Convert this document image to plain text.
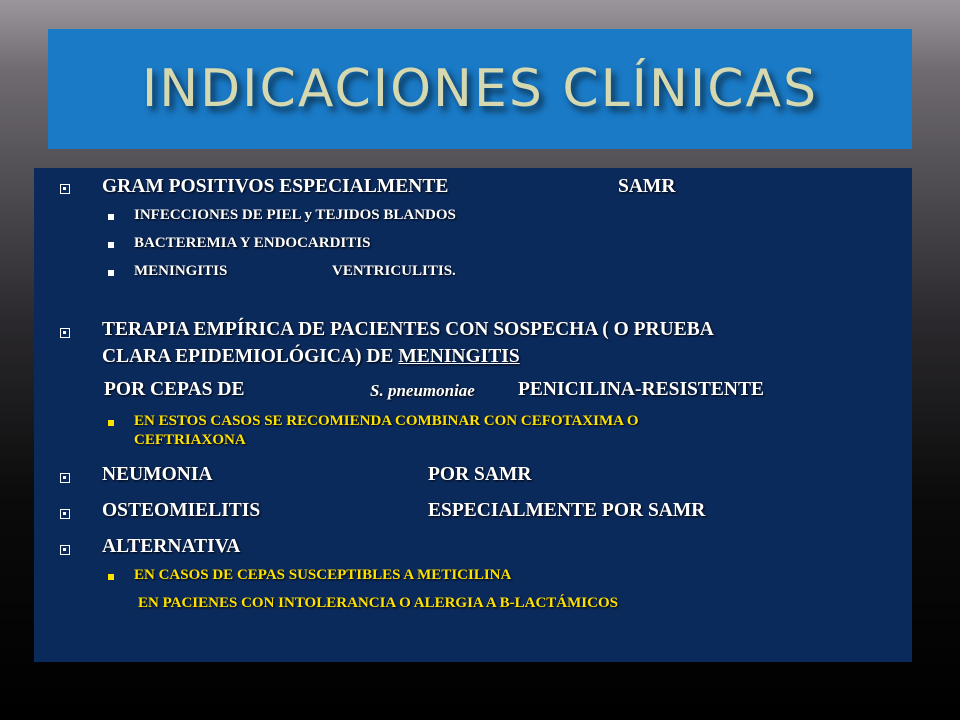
INDICACIONES CLÍNICAS
GRAM POSITIVOS ESPECIALMENTE	SAMR
INFECCIONES DE PIEL y TEJIDOS BLANDOS
BACTEREMIA Y ENDOCARDITIS
MENINGITIS	VENTRICULITIS.
TERAPIA EMPÍRICA DE PACIENTES CON SOSPECHA ( O PRUEBA
CLARA EPIDEMIOLÓGICA) DE MENINGITIS
POR CEPAS DE	S. pneumoniae PENICILINA-RESISTENTE
EN ESTOS CASOS SE RECOMIENDA COMBINAR CON CEFOTAXIMA O
CEFTRIAXONA
NEUMONIA	POR SAMR
OSTEOMIELITIS	ESPECIALMENTE POR SAMR
ALTERNATIVA
EN CASOS DE CEPAS SUSCEPTIBLES A METICILINA
EN PACIENES CON INTOLERANCIA O ALERGIA A B-LACTÁMICOS
